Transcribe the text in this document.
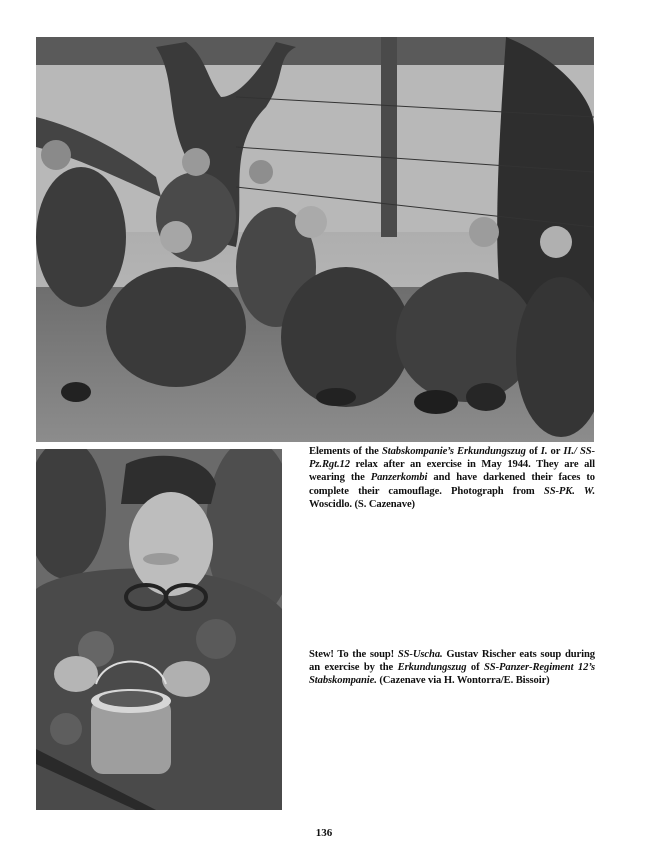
Elements of the Stabskompanie’s Erkundungszug of I. or II./ SS-Pz.Rgt.12 relax after an exercise in May 1944. They are all wearing the Panzerkombi and have darkened their faces to complete their camouflage. Photograph from SS-PK. W. Woscidlo. (S. Cazenave)
Stew! To the soup! SS-Uscha. Gustav Rischer eats soup during an exercise by the Erkundungszug of SS-Panzer-Regiment 12’s Stabskompanie. (Cazenave via H. Wontorra/E. Bissoir)
136
